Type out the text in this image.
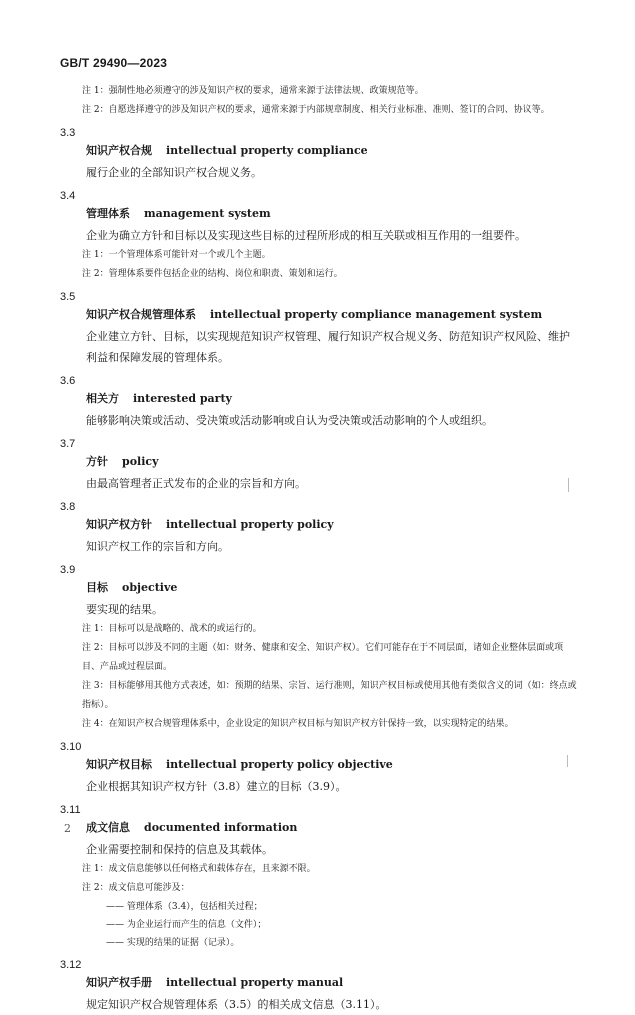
GB/T 29490—2023
注 1：强制性地必须遵守的涉及知识产权的要求，通常来源于法律法规、政策规范等。
注 2：自愿选择遵守的涉及知识产权的要求，通常来源于内部规章制度、相关行业标准、准则、签订的合同、协议等。
3.3
知识产权合规 intellectual property compliance
履行企业的全部知识产权合规义务。
3.4
管理体系 management system
企业为确立方针和目标以及实现这些目标的过程所形成的相互关联或相互作用的一组要件。
注 1：一个管理体系可能针对一个或几个主题。
注 2：管理体系要件包括企业的结构、岗位和职责、策划和运行。
3.5
知识产权合规管理体系 intellectual property compliance management system
企业建立方针、目标，以实现规范知识产权管理、履行知识产权合规义务、防范知识产权风险、维护利益和保障发展的管理体系。
3.6
相关方 interested party
能够影响决策或活动、受决策或活动影响或自认为受决策或活动影响的个人或组织。
3.7
方针 policy
由最高管理者正式发布的企业的宗旨和方向。
3.8
知识产权方针 intellectual property policy
知识产权工作的宗旨和方向。
3.9
目标 objective
要实现的结果。
注 1：目标可以是战略的、战术的或运行的。
注 2：目标可以涉及不同的主题（如：财务、健康和安全、知识产权）。它们可能存在于不同层面，诸如企业整体层面或项目、产品或过程层面。
注 3：目标能够用其他方式表述，如：预期的结果、宗旨、运行准则，知识产权目标或使用其他有类似含义的词（如：终点或指标）。
注 4：在知识产权合规管理体系中，企业设定的知识产权目标与知识产权方针保持一致，以实现特定的结果。
3.10
知识产权目标 intellectual property policy objective
企业根据其知识产权方针（3.8）建立的目标（3.9）。
3.11
成文信息 documented information
企业需要控制和保持的信息及其载体。
注 1：成文信息能够以任何格式和载体存在，且来源不限。
注 2：成文信息可能涉及：
—— 管理体系（3.4），包括相关过程；
—— 为企业运行而产生的信息（文件）；
—— 实现的结果的证据（记录）。
3.12
知识产权手册 intellectual property manual
规定知识产权合规管理体系（3.5）的相关成文信息（3.11）。
2
